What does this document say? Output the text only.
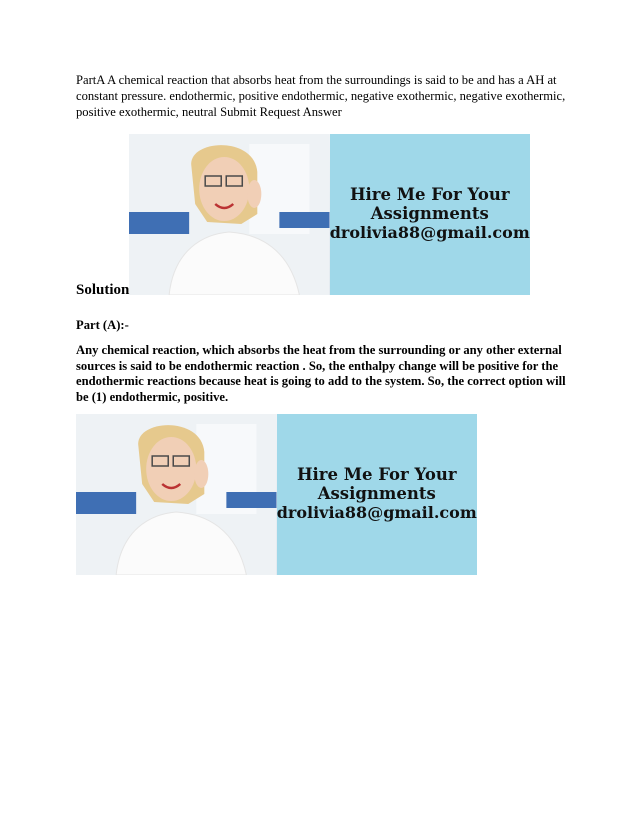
PartA A chemical reaction that absorbs heat from the surroundings is said to be and has a AH at constant pressure. endothermic, positive endothermic, negative exothermic, negative exothermic, positive exothermic, neutral Submit Request Answer

Hire Me For Your
Assignments
drolivia88@gmail.com
Solution

Part (A):-

Any chemical reaction, which absorbs the heat from the surrounding or any other external sources is said to be endothermic reaction . So, the enthalpy change will be positive for the endothermic reactions because heat is going to add to the system. So, the correct option will be (1) endothermic, positive.

Hire Me For Your
Assignments
drolivia88@gmail.com
